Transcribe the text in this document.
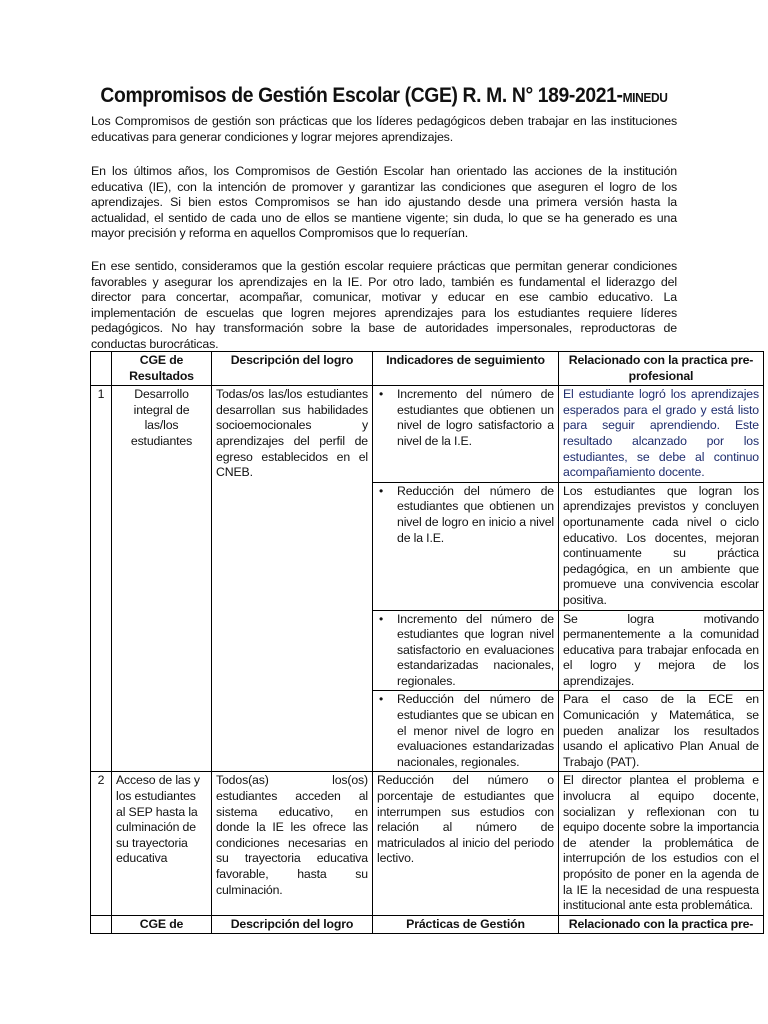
Compromisos de Gestión Escolar (CGE) R. M. N° 189-2021-MINEDU

Los Compromisos de gestión son prácticas que los líderes pedagógicos deben trabajar en las instituciones educativas para generar condiciones y lograr mejores aprendizajes.

En los últimos años, los Compromisos de Gestión Escolar han orientado las acciones de la institución educativa (IE), con la intención de promover y garantizar las condiciones que aseguren el logro de los aprendizajes. Si bien estos Compromisos se han ido ajustando desde una primera versión hasta la actualidad, el sentido de cada uno de ellos se mantiene vigente; sin duda, lo que se ha generado es una mayor precisión y reforma en aquellos Compromisos que lo requerían.

En ese sentido, consideramos que la gestión escolar requiere prácticas que permitan generar condiciones favorables y asegurar los aprendizajes en la IE. Por otro lado, también es fundamental el liderazgo del director para concertar, acompañar, comunicar, motivar y educar en ese cambio educativo. La implementación de escuelas que logren mejores aprendizajes para los estudiantes requiere líderes pedagógicos. No hay transformación sobre la base de autoridades impersonales, reproductoras de conductas burocráticas.

	CGE de Resultados	Descripción del logro	Indicadores de seguimiento	Relacionado con la practica pre-profesional
1	Desarrollo integral de las/los estudiantes	Todas/os las/los estudiantes desarrollan sus habilidades socioemocionales y aprendizajes del perfil de egreso establecidos en el CNEB.	• Incremento del número de estudiantes que obtienen un nivel de logro satisfactorio a nivel de la I.E.	El estudiante logró los aprendizajes esperados para el grado y está listo para seguir aprendiendo. Este resultado alcanzado por los estudiantes, se debe al continuo acompañamiento docente.
			• Reducción del número de estudiantes que obtienen un nivel de logro en inicio a nivel de la I.E.	Los estudiantes que logran los aprendizajes previstos y concluyen oportunamente cada nivel o ciclo educativo. Los docentes, mejoran continuamente su práctica pedagógica, en un ambiente que promueve una convivencia escolar positiva.
			• Incremento del número de estudiantes que logran nivel satisfactorio en evaluaciones estandarizadas nacionales, regionales.	Se logra motivando permanentemente a la comunidad educativa para trabajar enfocada en el logro y mejora de los aprendizajes.
			• Reducción del número de estudiantes que se ubican en el menor nivel de logro en evaluaciones estandarizadas nacionales, regionales.	Para el caso de la ECE en Comunicación y Matemática, se pueden analizar los resultados usando el aplicativo Plan Anual de Trabajo (PAT).
2	Acceso de las y los estudiantes al SEP hasta la culminación de su trayectoria educativa	Todos(as) los(os) estudiantes acceden al sistema educativo, en donde la IE les ofrece las condiciones necesarias en su trayectoria educativa favorable, hasta su culminación.	Reducción del número o porcentaje de estudiantes que interrumpen sus estudios con relación al número de matriculados al inicio del periodo lectivo.	El director plantea el problema e involucra al equipo docente, socializan y reflexionan con tu equipo docente sobre la importancia de atender la problemática de interrupción de los estudios con el propósito de poner en la agenda de la IE la necesidad de una respuesta institucional ante esta problemática.

	CGE de	Descripción del logro	Prácticas de Gestión	Relacionado con la practica pre-
